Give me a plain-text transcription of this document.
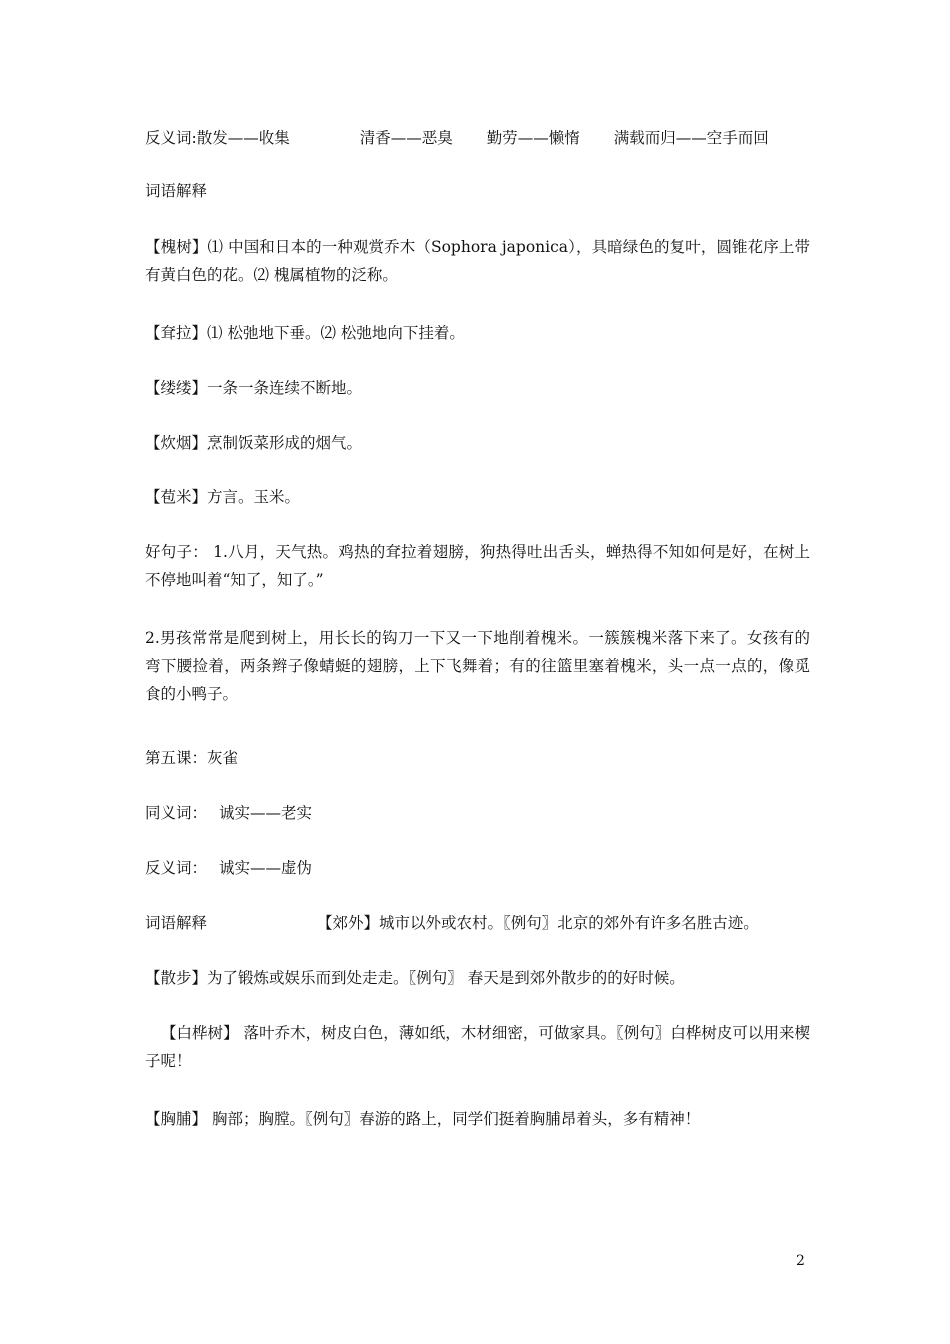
反义词:散发——收集	清香——恶臭 勤劳——懒惰 满载而归——空手而回
词语解释
【槐树】⑴ 中国和日本的一种观赏乔木（Sophora japonica），具暗绿色的复叶，圆锥花序上带有黄白色的花。⑵ 槐属植物的泛称。
【耷拉】⑴ 松弛地下垂。⑵ 松弛地向下挂着。
【缕缕】一条一条连续不断地。
【炊烟】烹制饭菜形成的烟气。
【苞米】方言。玉米。
好句子： 1.八月，天气热。鸡热的耷拉着翅膀，狗热得吐出舌头，蝉热得不知如何是好，在树上不停地叫着“知了，知了。”
2.男孩常常是爬到树上，用长长的钩刀一下又一下地削着槐米。一簇簇槐米落下来了。女孩有的弯下腰捡着，两条辫子像蜻蜓的翅膀，上下飞舞着；有的往篮里塞着槐米，头一点一点的，像觅食的小鸭子。
第五课：灰雀
同义词： 诚实——老实
反义词： 诚实——虚伪
词语解释	【郊外】城市以外或农村。〖例句〗北京的郊外有许多名胜古迹。
【散步】为了锻炼或娱乐而到处走走。〖例句〗 春天是到郊外散步的的好时候。
【白桦树】 落叶乔木，树皮白色，薄如纸，木材细密，可做家具。〖例句〗白桦树皮可以用来楔子呢！
【胸脯】 胸部；胸膛。〖例句〗春游的路上，同学们挺着胸脯昂着头，多有精神！
2
